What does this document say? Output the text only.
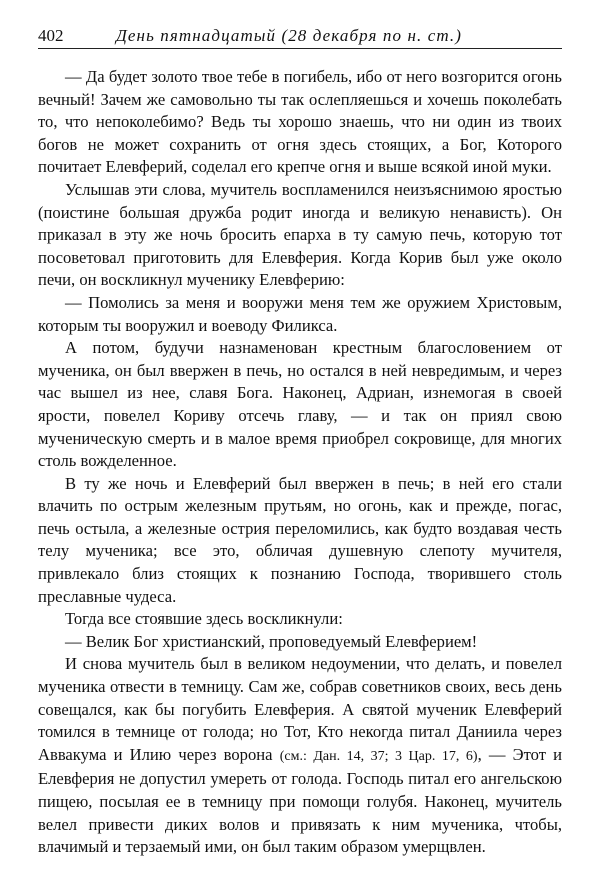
402	День пятнадцатый (28 декабря по н. ст.)

— Да будет золото твое тебе в погибель, ибо от него возгорится огонь вечный! Зачем же самовольно ты так ослепляешься и хочешь поколебать то, что непоколебимо? Ведь ты хорошо знаешь, что ни один из твоих богов не может сохранить от огня здесь стоящих, а Бог, Которого почитает Елевферий, соделал его крепче огня и выше всякой иной муки.

Услышав эти слова, мучитель воспламенился неизъяснимою яростью (поистине большая дружба родит иногда и великую ненависть). Он приказал в эту же ночь бросить епарха в ту самую печь, которую тот посоветовал приготовить для Елевферия. Когда Корив был уже около печи, он воскликнул мученику Елевферию:

— Помолись за меня и вооружи меня тем же оружием Христовым, которым ты вооружил и воеводу Филикса.

А потом, будучи назнаменован крестным благословением от мученика, он был ввержен в печь, но остался в ней невредимым, и через час вышел из нее, славя Бога. Наконец, Адриан, изнемогая в своей ярости, повелел Кориву отсечь главу, — и так он приял свою мученическую смерть и в малое время приобрел сокровище, для многих столь вожделенное.

В ту же ночь и Елевферий был ввержен в печь; в ней его стали влачить по острым железным прутьям, но огонь, как и прежде, погас, печь остыла, а железные острия переломились, как будто воздавая честь телу мученика; все это, обличая душевную слепоту мучителя, привлекало близ стоящих к познанию Господа, творившего столь преславные чудеса.

Тогда все стоявшие здесь воскликнули:

— Велик Бог христианский, проповедуемый Елевферием!

И снова мучитель был в великом недоумении, что делать, и повелел мученика отвести в темницу. Сам же, собрав советников своих, весь день совещался, как бы погубить Елевферия. А святой мученик Елевферий томился в темнице от голода; но Тот, Кто некогда питал Даниила через Аввакума и Илию через ворона (см.: Дан. 14, 37; 3 Цар. 17, 6), — Этот и Елевферия не допустил умереть от голода. Господь питал его ангельскою пищею, посылая ее в темницу при помощи голубя. Наконец, мучитель велел привести диких волов и привязать к ним мученика, чтобы, влачимый и терзаемый ими, он был таким образом умерщвлен.
